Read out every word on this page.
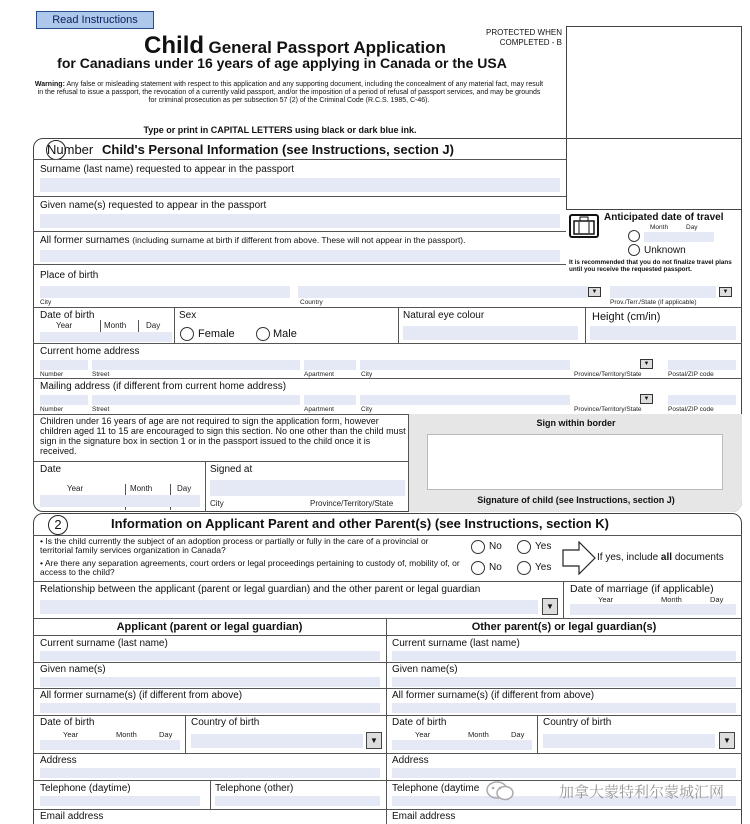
Read Instructions
Child General Passport Application
for Canadians under 16 years of age applying in Canada or the USA
PROTECTED WHEN COMPLETED - B
Warning: Any false or misleading statement with respect to this application and any supporting document, including the concealment of any material fact, may result in the refusal to issue a passport, the revocation of a currently valid passport, and/or the imposition of a period of refusal of passport services, and may be grounds for criminal prosecution as per subsection 57 (2) of the Criminal Code (R.C.S. 1985, C-46).
Type or print in CAPITAL LETTERS using black or dark blue ink.
Number Child's Personal Information (see Instructions, section J)
Surname (last name) requested to appear in the passport
Given name(s) requested to appear in the passport
All former surnames (including surname at birth if different from above. These will not appear in the passport).
Anticipated date of travel
Month	Day
Unknown
It is recommended that you do not finalize travel plans until you receive the requested passport.
Place of birth
▼	▼
City	Country	Prov./Terr./State (if applicable)
Date of birth
Year	Month Day
Sex
Female	Male
Natural eye colour	Height (cm/in)
Current home address
▼
Number	Street	Apartment	City	Province/Territory/State	Postal/ZIP code
Mailing address (if different from current home address)
▼
Number	Street	Apartment	City	Province/Territory/State	Postal/ZIP code
Children under 16 years of age are not required to sign the application form, however children aged 11 to 15 are encouraged to sign this section. No one other than the child must sign in the signature box in section 1 or in the passport issued to the child once it is received.
Date
Year	Month	Day
Signed at
City	Province/Territory/State
Sign within border
Signature of child (see Instructions, section J)
2	Information on Applicant Parent and other Parent(s) (see Instructions, section K)
• Is the child currently the subject of an adoption process or partially or fully in the care of a provincial or territorial family services organization in Canada?
• Are there any separation agreements, court orders or legal proceedings pertaining to custody of, mobility of, or access to the child?
No	Yes
No	Yes
If yes, include all documents
Relationship between the applicant (parent or legal guardian) and the other parent or legal guardian
▼
Date of marriage (if applicable)
Year	Month	Day
Applicant (parent or legal guardian)	Other parent(s) or legal guardian(s)
Current surname (last name)	Current surname (last name)
Given name(s)	Given name(s)
All former surname(s) (if different from above)	All former surname(s) (if different from above)
Date of birth
Year	Month	Day
Country of birth
▼
Date of birth
Year	Month	Day
Country of birth
▼
Address	Address
Telephone (daytime)	Telephone (other)	Telephone (daytime
Email address	Email address
加拿大蒙特利尔蒙城汇网
